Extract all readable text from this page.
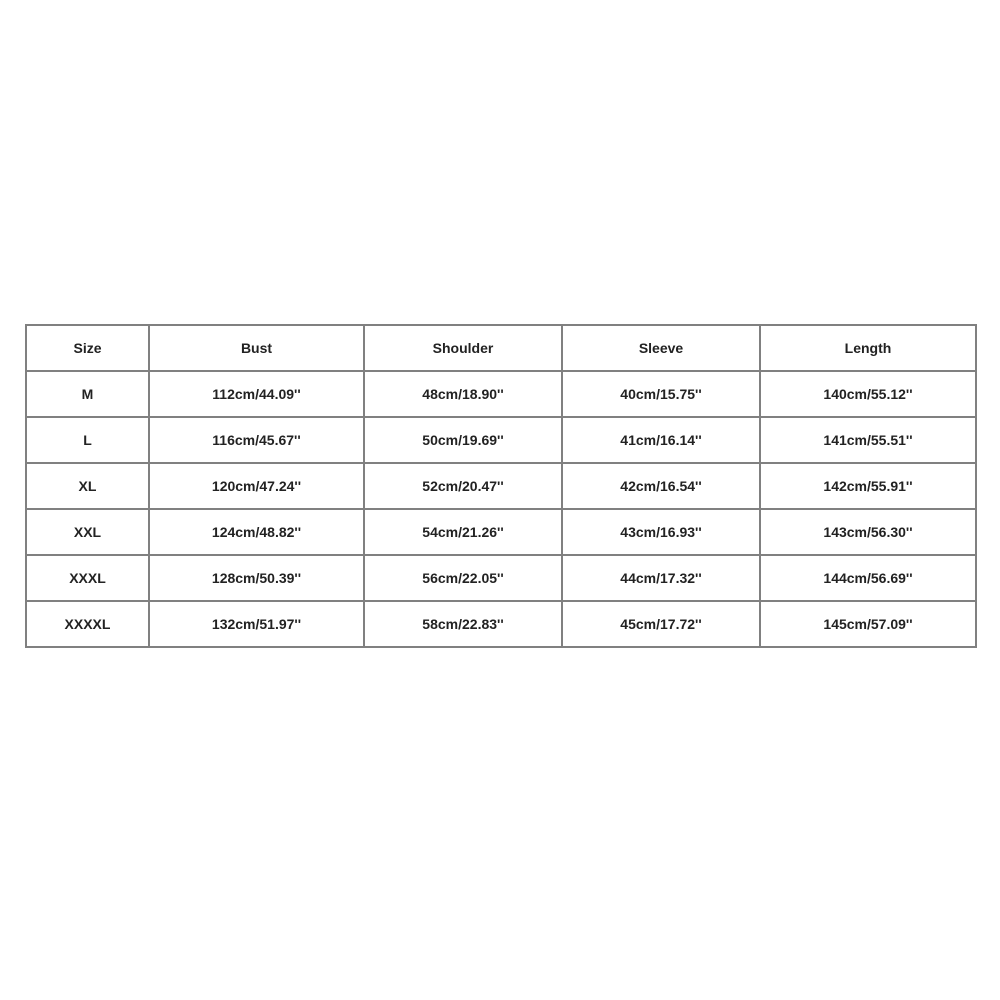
Size	Bust	Shoulder	Sleeve	Length
M	112cm/44.09''	48cm/18.90''	40cm/15.75''	140cm/55.12''
L	116cm/45.67''	50cm/19.69''	41cm/16.14''	141cm/55.51''
XL	120cm/47.24''	52cm/20.47''	42cm/16.54''	142cm/55.91''
XXL	124cm/48.82''	54cm/21.26''	43cm/16.93''	143cm/56.30''
XXXL	128cm/50.39''	56cm/22.05''	44cm/17.32''	144cm/56.69''
XXXXL	132cm/51.97''	58cm/22.83''	45cm/17.72''	145cm/57.09''
